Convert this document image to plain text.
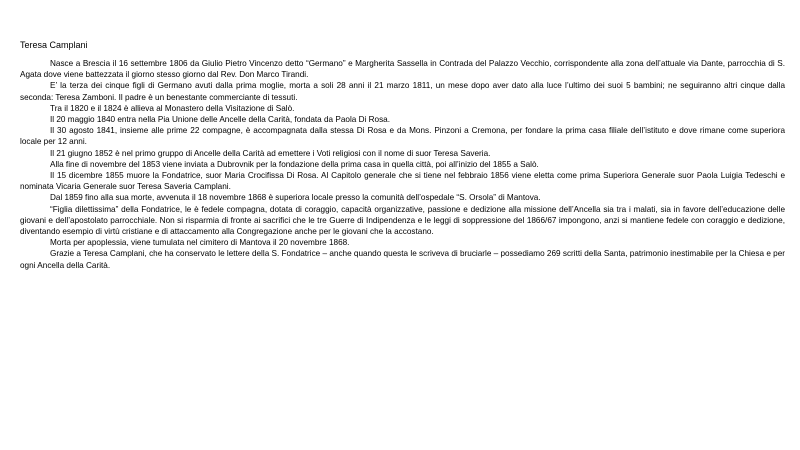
Teresa Camplani

Nasce a Brescia il 16 settembre 1806 da Giulio Pietro Vincenzo detto “Germano” e Margherita Sassella in Contrada del Palazzo Vecchio, corrispondente alla zona dell’attuale via Dante, parrocchia di S. Agata dove viene battezzata il giorno stesso giorno dal Rev. Don Marco Tirandi.

E’ la terza dei cinque figli di Germano avuti dalla prima moglie, morta a soli 28 anni il 21 marzo 1811, un mese dopo aver dato alla luce l’ultimo dei suoi 5 bambini; ne seguiranno altri cinque dalla seconda: Teresa Zamboni. Il padre è un benestante commerciante di tessuti.

Tra il 1820 e il 1824 è allieva al Monastero della Visitazione di Salò.

Il 20 maggio 1840 entra nella Pia Unione delle Ancelle della Carità, fondata da Paola Di Rosa.

Il 30 agosto 1841, insieme alle prime 22 compagne, è accompagnata dalla stessa Di Rosa e da Mons. Pinzoni a Cremona, per fondare la prima casa filiale dell’istituto e dove rimane come superiora locale per 12 anni.

Il 21 giugno 1852 è nel primo gruppo di Ancelle della Carità ad emettere i Voti religiosi con il nome di suor Teresa Saveria.

Alla fine di novembre del 1853 viene inviata a Dubrovnik per la fondazione della prima casa in quella città, poi all’inizio del 1855 a Salò.

Il 15 dicembre 1855 muore la Fondatrice, suor Maria Crocifissa Di Rosa. Al Capitolo generale che si tiene nel febbraio 1856 viene eletta come prima Superiora Generale suor Paola Luigia Tedeschi e nominata Vicaria Generale suor Teresa Saveria Camplani.

Dal 1859 fino alla sua morte, avvenuta il 18 novembre 1868 è superiora locale presso la comunità dell’ospedale “S. Orsola” di Mantova.

“Figlia dilettissima” della Fondatrice, le è fedele compagna, dotata di coraggio, capacità organizzative, passione e dedizione alla missione dell’Ancella sia tra i malati, sia in favore dell’educazione delle giovani e dell’apostolato parrocchiale. Non si risparmia di fronte ai sacrifici che le tre Guerre di Indipendenza e le leggi di soppressione del 1866/67 impongono, anzi si mantiene fedele con coraggio e dedizione, diventando esempio di virtù cristiane e di attaccamento alla Congregazione anche per le giovani che la accostano.

Morta per apoplessia, viene tumulata nel cimitero di Mantova il 20 novembre 1868.

Grazie a Teresa Camplani, che ha conservato le lettere della S. Fondatrice – anche quando questa le scriveva di bruciarle – possediamo 269 scritti della Santa, patrimonio inestimabile per la Chiesa e per ogni Ancella della Carità.
